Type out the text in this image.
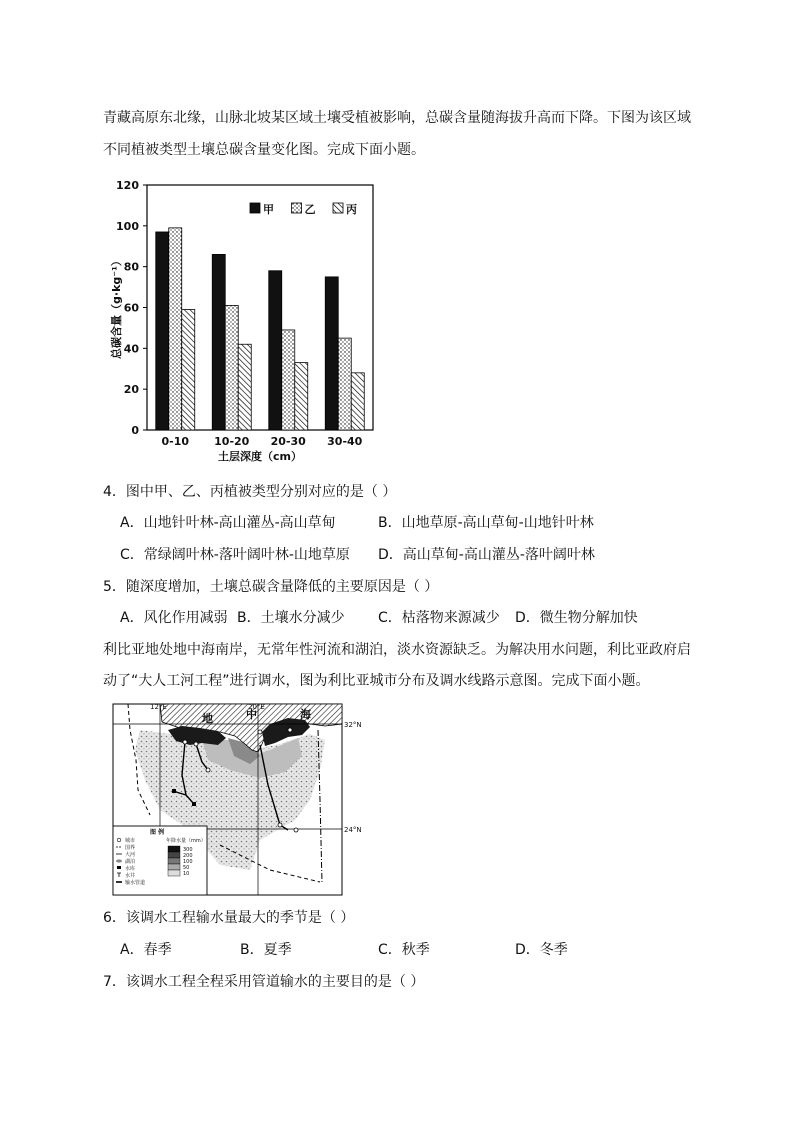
青藏高原东北缘，山脉北坡某区域土壤受植被影响，总碳含量随海拔升高而下降。下图为该区域
不同植被类型土壤总碳含量变化图。完成下面小题。
总碳含量（g·kg⁻¹）
土层深度（cm）
0
20
40
60
80
100
120
0-10 10-20 20-30 30-40
甲	乙	丙
4．图中甲、乙、丙植被类型分别对应的是（ ）
A．山地针叶林-高山灌丛-高山草甸	B．山地草原-高山草甸-山地针叶林
C．常绿阔叶林-落叶阔叶林-山地草原 D．高山草甸-高山灌丛-落叶阔叶林
5．随深度增加，土壤总碳含量降低的主要原因是（ ）
A．风化作用减弱 B．土壤水分减少 C．枯落物来源减少 D．微生物分解加快
利比亚地处地中海南岸，无常年性河流和湖泊，淡水资源缺乏。为解决用水问题，利比亚政府启
动了“大人工河工程”进行调水，图为利比亚城市分布及调水线路示意图。完成下面小题。
12°E	20°E
32°N
24°N
地	中	海
图 例
城市
国界
大河
湖泊
水库
水井
输水管道
年降水量（mm）
300
200
100
50
10
6．该调水工程输水量最大的季节是（ ）
A．春季	B．夏季	C．秋季	D．冬季
7．该调水工程全程采用管道输水的主要目的是（ ）
